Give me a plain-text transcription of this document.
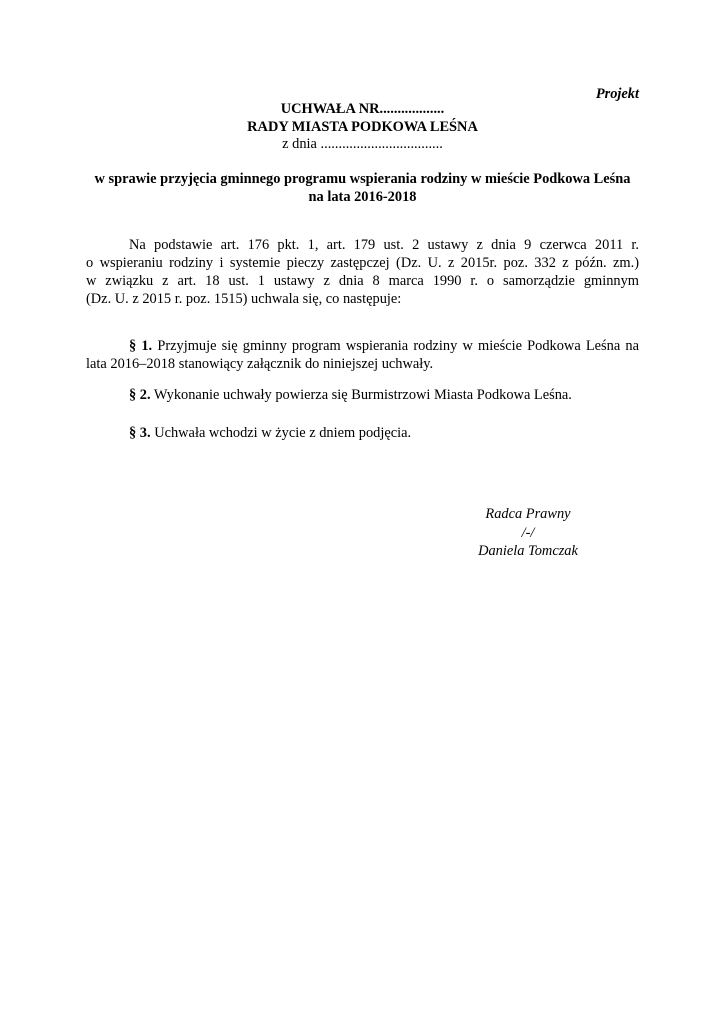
Projekt
UCHWAŁA NR..................
RADY MIASTA PODKOWA LEŚNA
z dnia ..................................
w sprawie przyjęcia gminnego programu wspierania rodziny w mieście Podkowa Leśna
na lata 2016-2018
Na podstawie art. 176 pkt. 1, art. 179 ust. 2 ustawy z dnia 9 czerwca 2011 r.
o wspieraniu rodziny i systemie pieczy zastępczej (Dz. U. z 2015r. poz. 332 z późn. zm.)
w związku z art. 18 ust. 1 ustawy z dnia 8 marca 1990 r. o samorządzie gminnym
(Dz. U. z 2015 r. poz. 1515) uchwala się, co następuje:
§ 1. Przyjmuje się gminny program wspierania rodziny w mieście Podkowa Leśna na
lata 2016–2018 stanowiący załącznik do niniejszej uchwały.
§ 2. Wykonanie uchwały powierza się Burmistrzowi Miasta Podkowa Leśna.
§ 3. Uchwała wchodzi w życie z dniem podjęcia.
Radca Prawny
/-/
Daniela Tomczak
